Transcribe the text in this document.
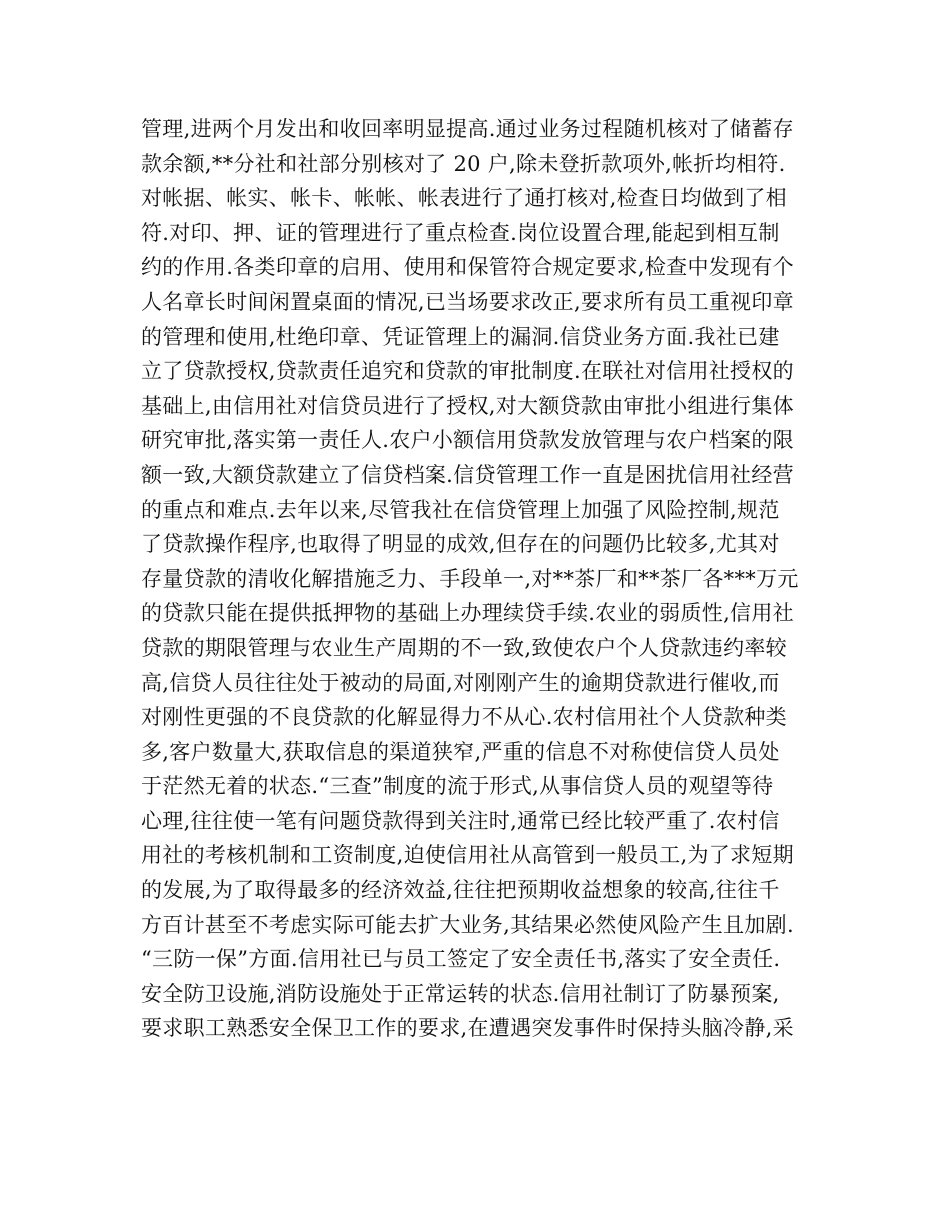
管理,进两个月发出和收回率明显提高.通过业务过程随机核对了储蓄存
款余额,**分社和社部分别核对了 20 户,除未登折款项外,帐折均相符.
对帐据、帐实、帐卡、帐帐、帐表进行了通打核对,检查日均做到了相
符.对印、押、证的管理进行了重点检查.岗位设置合理,能起到相互制
约的作用.各类印章的启用、使用和保管符合规定要求,检查中发现有个
人名章长时间闲置桌面的情况,已当场要求改正,要求所有员工重视印章
的管理和使用,杜绝印章、凭证管理上的漏洞.信贷业务方面.我社已建
立了贷款授权,贷款责任追究和贷款的审批制度.在联社对信用社授权的
基础上,由信用社对信贷员进行了授权,对大额贷款由审批小组进行集体
研究审批,落实第一责任人.农户小额信用贷款发放管理与农户档案的限
额一致,大额贷款建立了信贷档案.信贷管理工作一直是困扰信用社经营
的重点和难点.去年以来,尽管我社在信贷管理上加强了风险控制,规范
了贷款操作程序,也取得了明显的成效,但存在的问题仍比较多,尤其对
存量贷款的清收化解措施乏力、手段单一,对**茶厂和**茶厂各***万元
的贷款只能在提供抵押物的基础上办理续贷手续.农业的弱质性,信用社
贷款的期限管理与农业生产周期的不一致,致使农户个人贷款违约率较
高,信贷人员往往处于被动的局面,对刚刚产生的逾期贷款进行催收,而
对刚性更强的不良贷款的化解显得力不从心.农村信用社个人贷款种类
多,客户数量大,获取信息的渠道狭窄,严重的信息不对称使信贷人员处
于茫然无着的状态.“三查”制度的流于形式,从事信贷人员的观望等待
心理,往往使一笔有问题贷款得到关注时,通常已经比较严重了.农村信
用社的考核机制和工资制度,迫使信用社从高管到一般员工,为了求短期
的发展,为了取得最多的经济效益,往往把预期收益想象的较高,往往千
方百计甚至不考虑实际可能去扩大业务,其结果必然使风险产生且加剧.
“三防一保”方面.信用社已与员工签定了安全责任书,落实了安全责任.
安全防卫设施,消防设施处于正常运转的状态.信用社制订了防暴预案,
要求职工熟悉安全保卫工作的要求,在遭遇突发事件时保持头脑冷静,采
